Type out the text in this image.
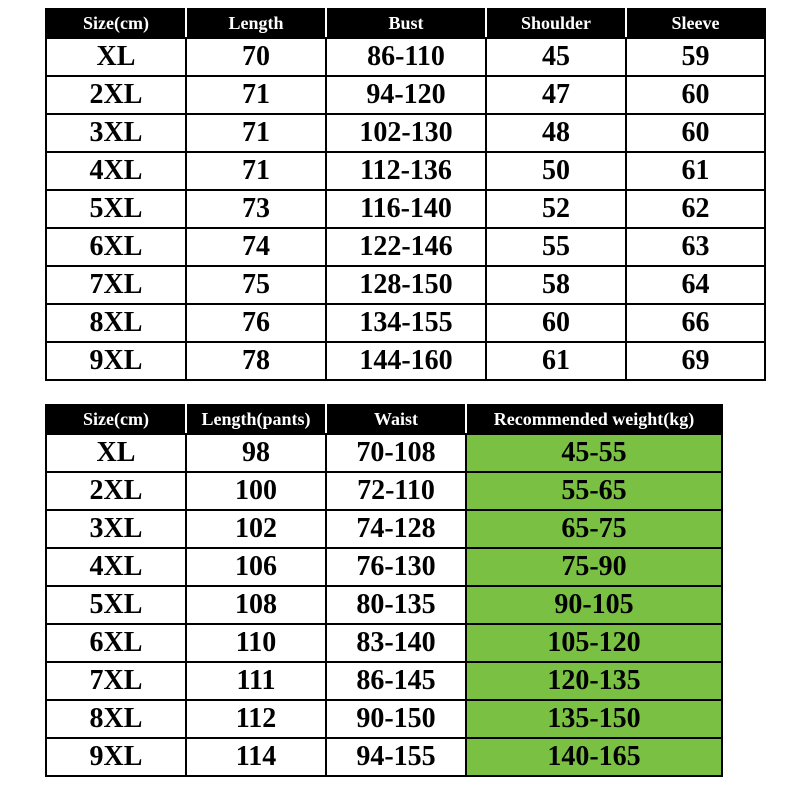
Size(cm)	Length	Bust	Shoulder	Sleeve
XL	70	86-110	45	59
2XL	71	94-120	47	60
3XL	71	102-130	48	60
4XL	71	112-136	50	61
5XL	73	116-140	52	62
6XL	74	122-146	55	63
7XL	75	128-150	58	64
8XL	76	134-155	60	66
9XL	78	144-160	61	69
Size(cm)	Length(pants)	Waist	Recommended weight(kg)
XL	98	70-108	45-55
2XL	100	72-110	55-65
3XL	102	74-128	65-75
4XL	106	76-130	75-90
5XL	108	80-135	90-105
6XL	110	83-140	105-120
7XL	111	86-145	120-135
8XL	112	90-150	135-150
9XL	114	94-155	140-165
